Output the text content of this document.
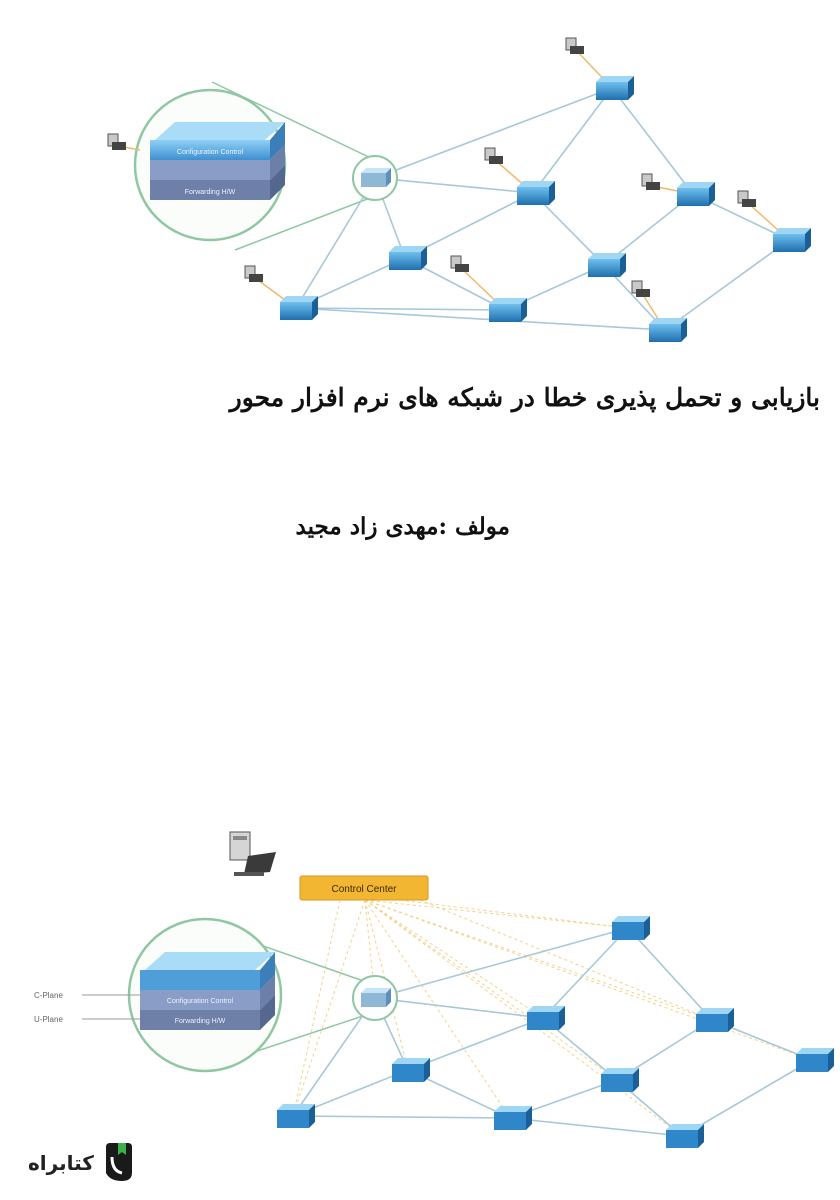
Configuration Control
Forwarding H/W
بازیابی و تحمل پذیری خطا در شبکه های نرم افزار محور
مولف :مهدی زاد مجید
Configuration Control
Forwarding H/W
C-Plane
U-Plane
Control Center
کتابراه
